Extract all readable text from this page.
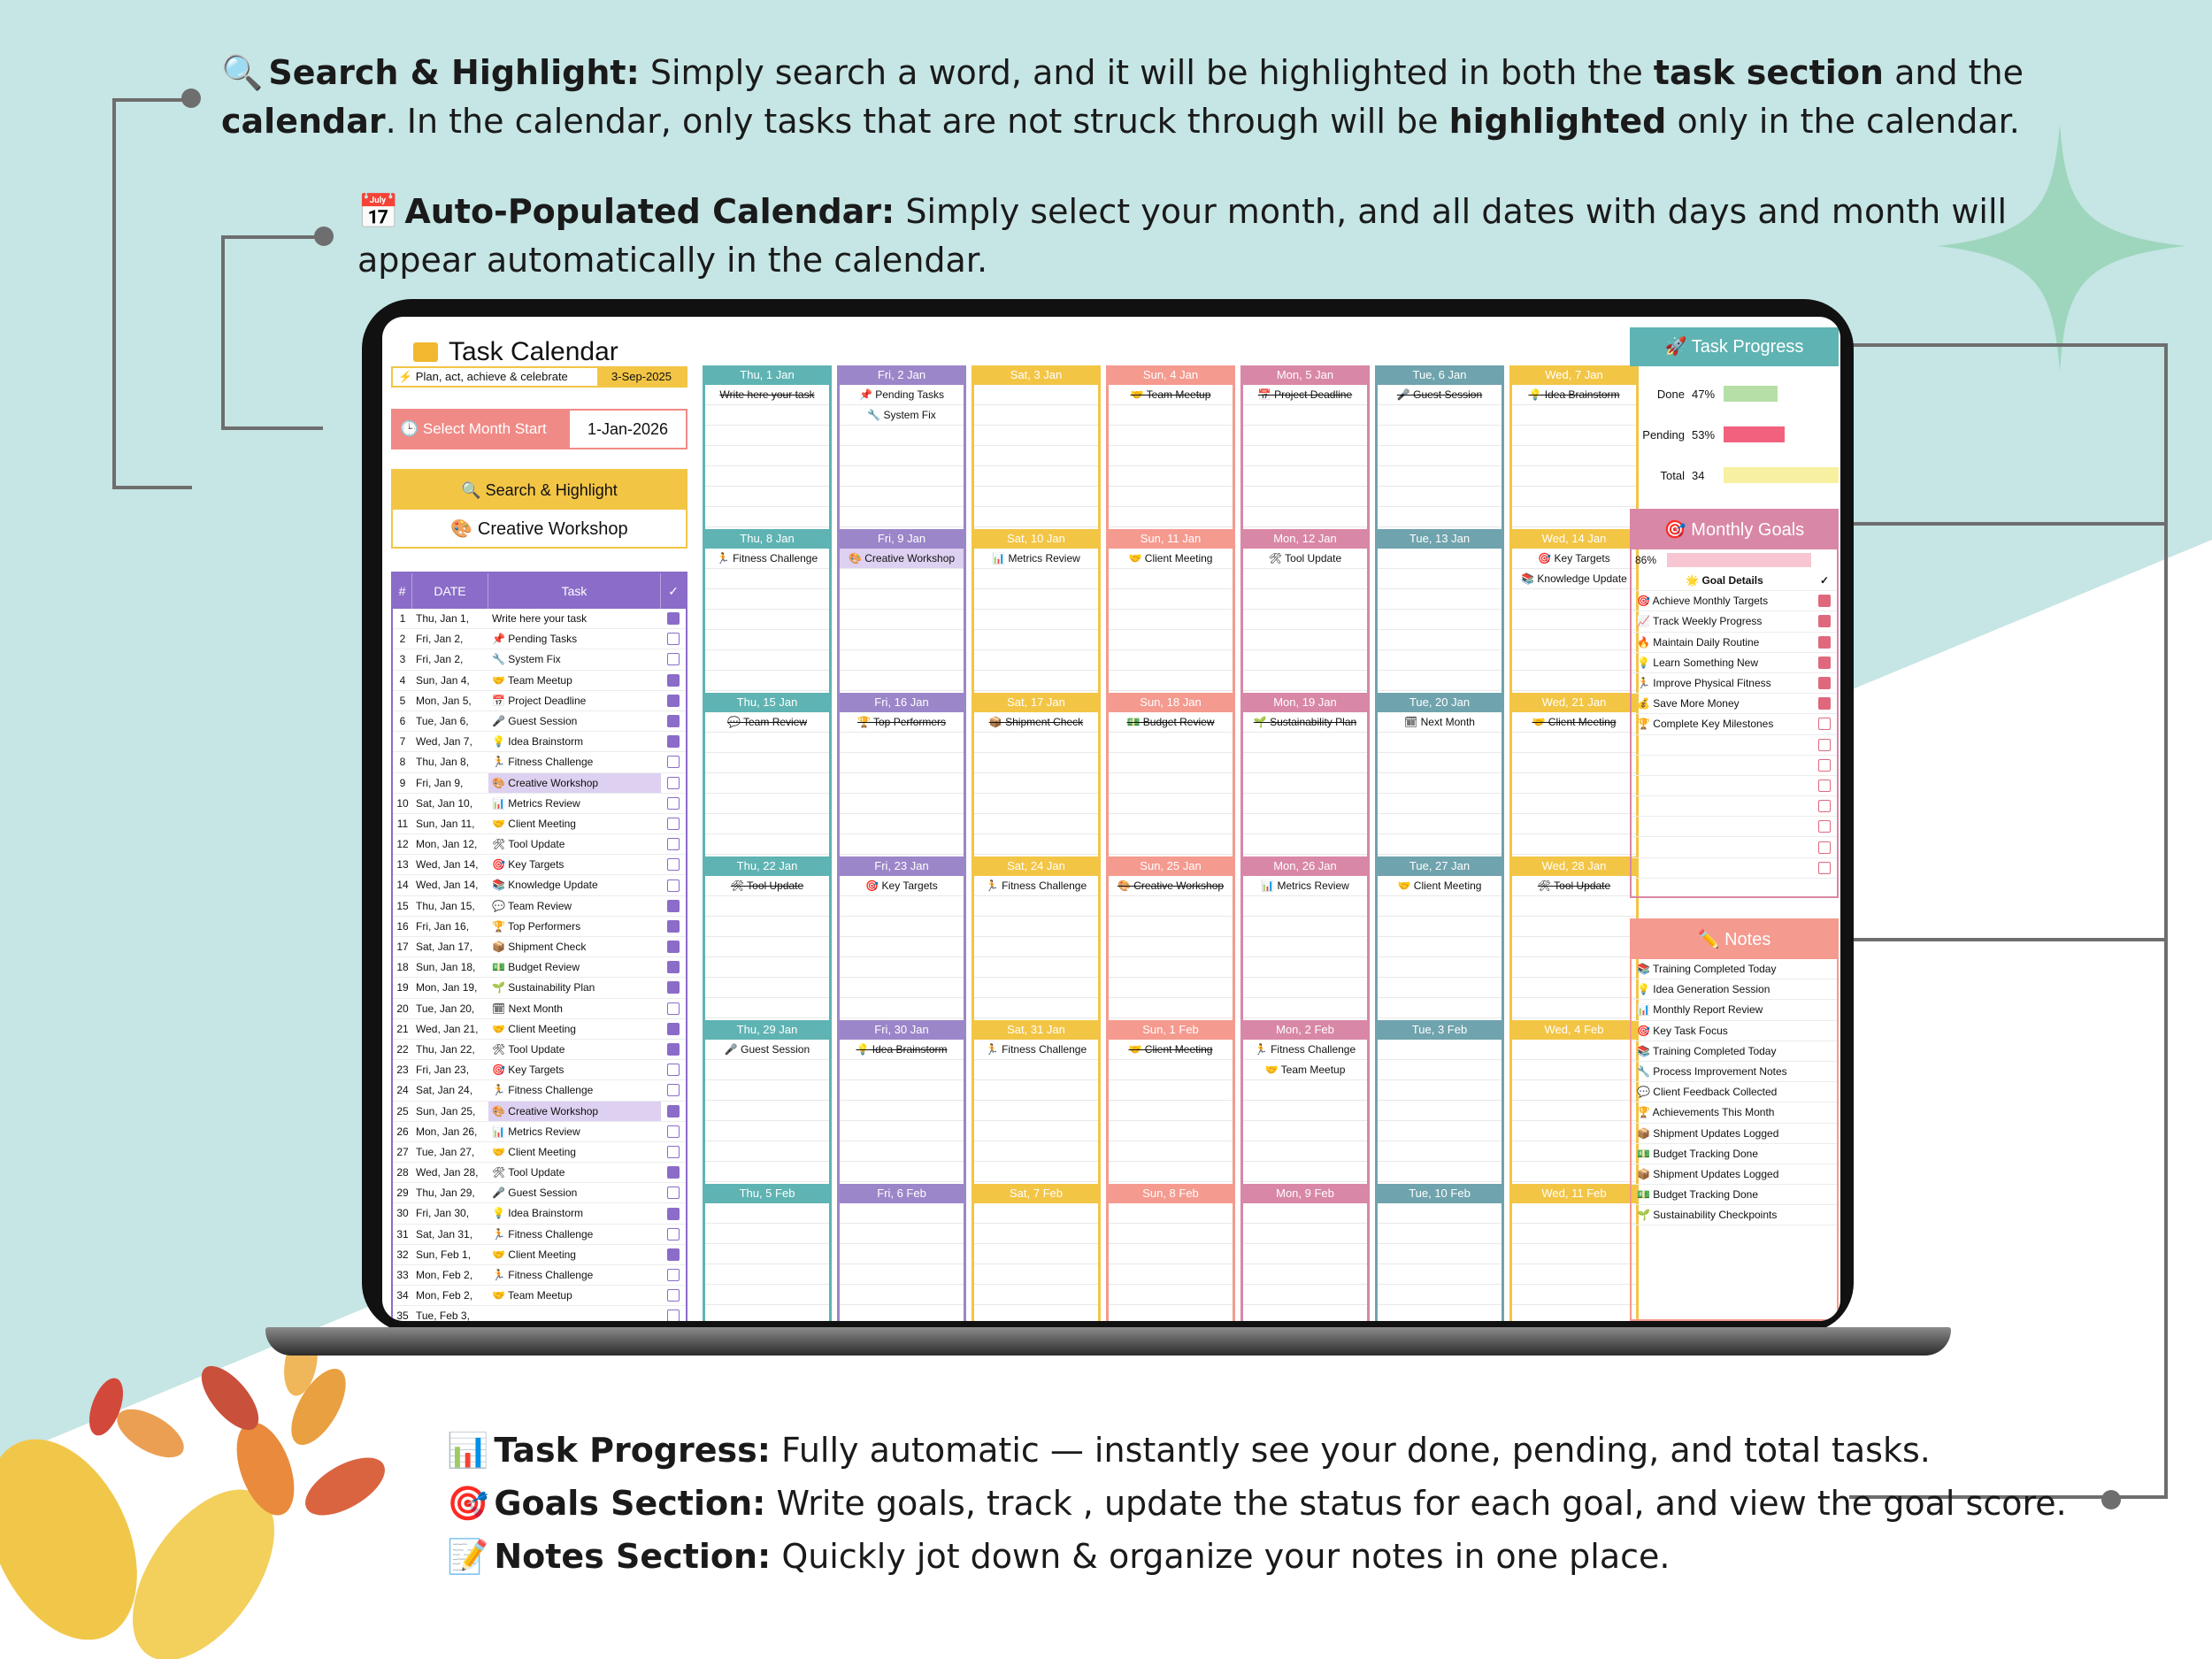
🔍 Search & Highlight: Simply search a word, and it will be highlighted in both the task section and the calendar. In the calendar, only tasks that are not struck through will be highlighted only in the calendar.
📅 Auto-Populated Calendar: Simply select your month, and all dates with days and month will appear automatically in the calendar.
📊 Task Progress: Fully automatic — instantly see your done, pending, and total tasks.
🎯 Goals Section: Write goals, track , update the status for each goal, and view the goal score.
📝 Notes Section: Quickly jot down & organize your notes in one place.
Task Calendar
⚡ Plan, act, achieve & celebrate	3-Sep-2025
🕒 Select Month Start	1-Jan-2026
🔍 Search & Highlight
🎨 Creative Workshop
#	DATE	Task	✓
1 Thu, Jan 1,	Write here your task
2 Fri, Jan 2,	📌 Pending Tasks
3 Fri, Jan 2,	🔧 System Fix
4 Sun, Jan 4,	🤝 Team Meetup
5 Mon, Jan 5,	📅 Project Deadline
6 Tue, Jan 6,	🎤 Guest Session
7 Wed, Jan 7,	💡 Idea Brainstorm
8 Thu, Jan 8,	🏃 Fitness Challenge
9 Fri, Jan 9,	🎨 Creative Workshop
10 Sat, Jan 10,	📊 Metrics Review
11 Sun, Jan 11,	🤝 Client Meeting
12 Mon, Jan 12,	🛠 Tool Update
13 Wed, Jan 14,	🎯 Key Targets
14 Wed, Jan 14,	📚 Knowledge Update
15 Thu, Jan 15,	💬 Team Review
16 Fri, Jan 16,	🏆 Top Performers
17 Sat, Jan 17,	📦 Shipment Check
18 Sun, Jan 18,	💵 Budget Review
19 Mon, Jan 19,	🌱 Sustainability Plan
20 Tue, Jan 20,	🗓 Next Month
21 Wed, Jan 21,	🤝 Client Meeting
22 Thu, Jan 22,	🛠 Tool Update
23 Fri, Jan 23,	🎯 Key Targets
24 Sat, Jan 24,	🏃 Fitness Challenge
25 Sun, Jan 25,	🎨 Creative Workshop
26 Mon, Jan 26,	📊 Metrics Review
27 Tue, Jan 27,	🤝 Client Meeting
28 Wed, Jan 28,	🛠 Tool Update
29 Thu, Jan 29,	🎤 Guest Session
30 Fri, Jan 30,	💡 Idea Brainstorm
31 Sat, Jan 31,	🏃 Fitness Challenge
32 Sun, Feb 1,	🤝 Client Meeting
33 Mon, Feb 2,	🏃 Fitness Challenge
34 Mon, Feb 2,	🤝 Team Meetup
35 Tue, Feb 3,
Thu, 1 Jan
Write here your task
Thu, 8 Jan
🏃 Fitness Challenge
Thu, 15 Jan
💬 Team Review
Thu, 22 Jan
🛠 Tool Update
Thu, 29 Jan
🎤 Guest Session
Thu, 5 Feb
Fri, 2 Jan
📌 Pending Tasks
🔧 System Fix
Fri, 9 Jan
🎨 Creative Workshop
Fri, 16 Jan
🏆 Top Performers
Fri, 23 Jan
🎯 Key Targets
Fri, 30 Jan
💡 Idea Brainstorm
Fri, 6 Feb
Sat, 3 Jan
Sat, 10 Jan
📊 Metrics Review
Sat, 17 Jan
📦 Shipment Check
Sat, 24 Jan
🏃 Fitness Challenge
Sat, 31 Jan
🏃 Fitness Challenge
Sat, 7 Feb
Sun, 4 Jan
🤝 Team Meetup
Sun, 11 Jan
🤝 Client Meeting
Sun, 18 Jan
💵 Budget Review
Sun, 25 Jan
🎨 Creative Workshop
Sun, 1 Feb
🤝 Client Meeting
Sun, 8 Feb
Mon, 5 Jan
📅 Project Deadline
Mon, 12 Jan
🛠 Tool Update
Mon, 19 Jan
🌱 Sustainability Plan
Mon, 26 Jan
📊 Metrics Review
Mon, 2 Feb
🏃 Fitness Challenge
🤝 Team Meetup
Mon, 9 Feb
Tue, 6 Jan
🎤 Guest Session
Tue, 13 Jan
Tue, 20 Jan
🗓 Next Month
Tue, 27 Jan
🤝 Client Meeting
Tue, 3 Feb
Tue, 10 Feb
Wed, 7 Jan
💡 Idea Brainstorm
Wed, 14 Jan
🎯 Key Targets
📚 Knowledge Update
Wed, 21 Jan
🤝 Client Meeting
Wed, 28 Jan
🛠 Tool Update
Wed, 4 Feb
Wed, 11 Feb
🚀 Task Progress
Done 47%
Pending 53%
Total 34
🎯 Monthly Goals
86%
🌟 Goal Details	✓
🎯 Achieve Monthly Targets
📈 Track Weekly Progress
🔥 Maintain Daily Routine
💡 Learn Something New
🏃 Improve Physical Fitness
💰 Save More Money
🏆 Complete Key Milestones
✏️ Notes
📚 Training Completed Today
💡 Idea Generation Session
📊 Monthly Report Review
🎯 Key Task Focus
📚 Training Completed Today
🔧 Process Improvement Notes
💬 Client Feedback Collected
🏆 Achievements This Month
📦 Shipment Updates Logged
💵 Budget Tracking Done
📦 Shipment Updates Logged
💵 Budget Tracking Done
🌱 Sustainability Checkpoints
